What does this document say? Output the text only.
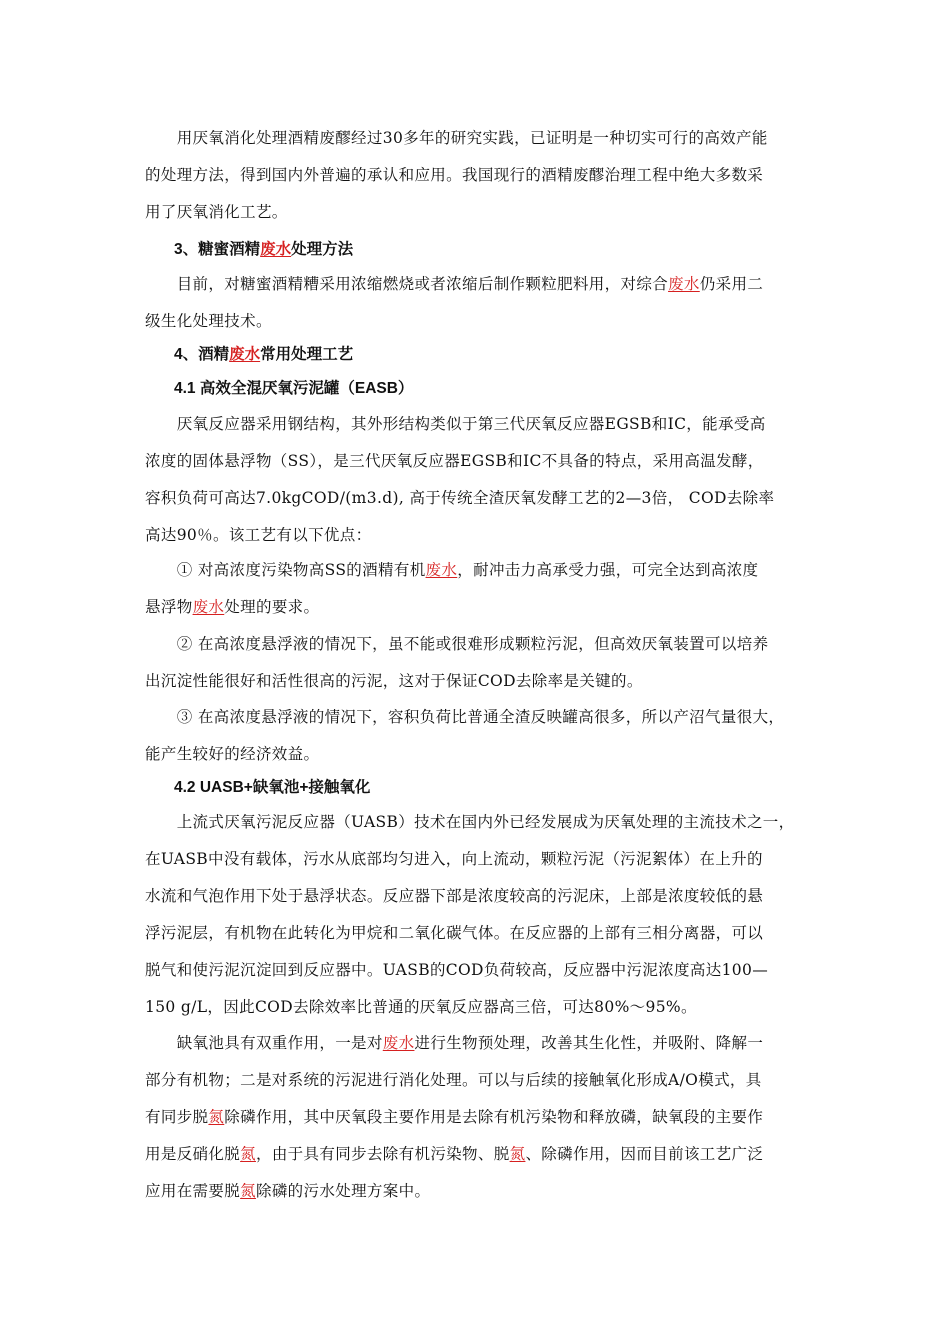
　　用厌氧消化处理酒精废醪经过30多年的研究实践，已证明是一种切实可行的高效产能
的处理方法，得到国内外普遍的承认和应用。我国现行的酒精废醪治理工程中绝大多数采
用了厌氧消化工艺。
3、糖蜜酒精废水处理方法
　　目前，对糖蜜酒精糟采用浓缩燃烧或者浓缩后制作颗粒肥料用，对综合废水仍采用二
级生化处理技术。
4、酒精废水常用处理工艺
4.1 高效全混厌氧污泥罐（EASB）
　　厌氧反应器采用钢结构，其外形结构类似于第三代厌氧反应器EGSB和IC，能承受高
浓度的固体悬浮物（SS），是三代厌氧反应器EGSB和IC不具备的特点，采用高温发酵，
容积负荷可高达7.0kgCOD/(m3.d), 高于传统全渣厌氧发酵工艺的2—3倍， COD去除率
高达90％。该工艺有以下优点：
　　① 对高浓度污染物高SS的酒精有机废水，耐冲击力高承受力强，可完全达到高浓度
悬浮物废水处理的要求。
　　② 在高浓度悬浮液的情况下，虽不能或很难形成颗粒污泥，但高效厌氧装置可以培养
出沉淀性能很好和活性很高的污泥，这对于保证COD去除率是关键的。
　　③ 在高浓度悬浮液的情况下，容积负荷比普通全渣反映罐高很多，所以产沼气量很大，
能产生较好的经济效益。
4.2 UASB+缺氧池+接触氧化
　　上流式厌氧污泥反应器（UASB）技术在国内外已经发展成为厌氧处理的主流技术之一，
在UASB中没有载体，污水从底部均匀进入，向上流动，颗粒污泥（污泥絮体）在上升的
水流和气泡作用下处于悬浮状态。反应器下部是浓度较高的污泥床，上部是浓度较低的悬
浮污泥层，有机物在此转化为甲烷和二氧化碳气体。在反应器的上部有三相分离器，可以
脱气和使污泥沉淀回到反应器中。UASB的COD负荷较高，反应器中污泥浓度高达100—
150 g/L，因此COD去除效率比普通的厌氧反应器高三倍，可达80%～95%。
　　缺氧池具有双重作用，一是对废水进行生物预处理，改善其生化性，并吸附、降解一
部分有机物；二是对系统的污泥进行消化处理。可以与后续的接触氧化形成A/O模式，具
有同步脱氮除磷作用，其中厌氧段主要作用是去除有机污染物和释放磷，缺氧段的主要作
用是反硝化脱氮，由于具有同步去除有机污染物、脱氮、除磷作用，因而目前该工艺广泛
应用在需要脱氮除磷的污水处理方案中。
